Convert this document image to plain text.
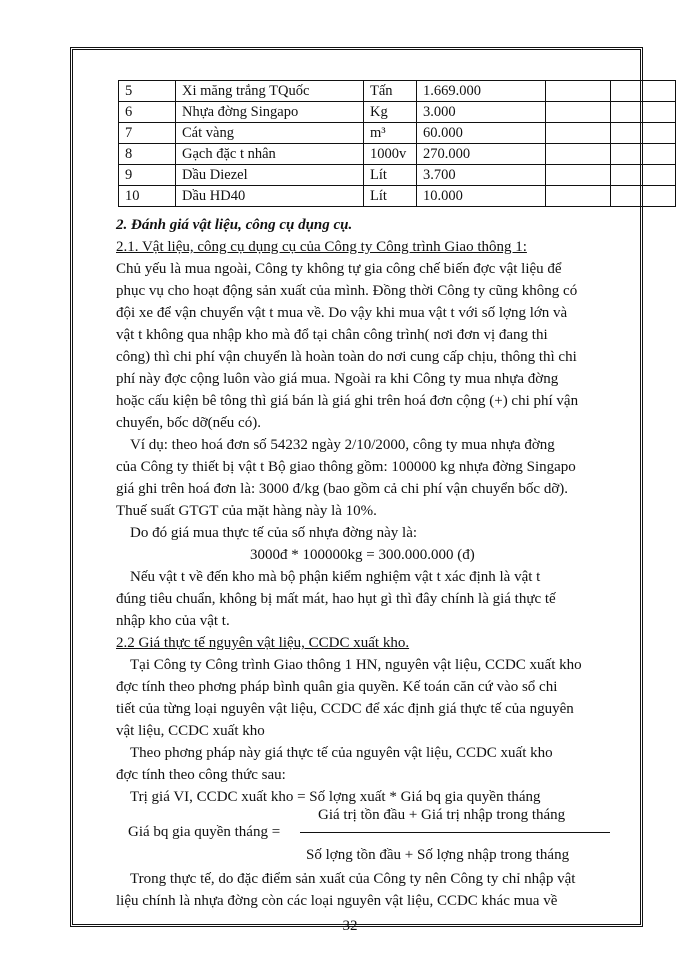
5	Xi măng trắng TQuốc	Tấn	1.669.000		
6	Nhựa đờng Singapo	Kg	3.000		
7	Cát vàng	m³	60.000		
8	Gạch đặc t nhân	1000v	270.000		
9	Dầu Diezel	Lít	3.700		
10	Dầu HD40	Lít	10.000		
2. Đánh giá vật liệu, công cụ dụng cụ.
2.1. Vật liệu, công cụ dụng cụ của Công ty Công trình Giao thông 1:
Chủ yếu là mua ngoài, Công ty không tự gia công chế biến đợc vật liệu để
phục vụ cho hoạt động sản xuất của mình. Đồng thời Công ty cũng không có
đội xe để vận chuyển vật t mua về. Do vậy khi mua vật t với số lợng lớn và
vật t không qua nhập kho mà đổ tại chân công trình( nơi đơn vị đang thi
công) thì chi phí vận chuyển là hoàn toàn do nơi cung cấp chịu, thông thì chi
phí này đợc cộng luôn vào giá mua. Ngoài ra khi Công ty mua nhựa đờng
hoặc cấu kiện bê tông thì giá bán là giá ghi trên hoá đơn cộng (+) chi phí vận
chuyển, bốc dỡ(nếu có).
Ví dụ: theo hoá đơn số 54232 ngày 2/10/2000, công ty mua nhựa đờng
của Công ty thiết bị vật t Bộ giao thông gồm: 100000 kg nhựa đờng Singapo
giá ghi trên hoá đơn là: 3000 đ/kg (bao gồm cả chi phí vận chuyển bốc dỡ).
Thuế suất GTGT của mặt hàng này là 10%.
Do đó giá mua thực tế của số nhựa đờng này là:
3000đ * 100000kg = 300.000.000 (đ)
Nếu vật t về đến kho mà bộ phận kiểm nghiệm vật t xác định là vật t
đúng tiêu chuẩn, không bị mất mát, hao hụt gì thì đây chính là giá thực tế
nhập kho của vật t.
2.2 Giá thực tế nguyên vật liệu, CCDC xuất kho.
Tại Công ty Công trình Giao thông 1 HN, nguyên vật liệu, CCDC xuất kho
đợc tính theo phơng pháp bình quân gia quyền. Kế toán căn cứ vào sổ chi
tiết của từng loại nguyên vật liệu, CCDC để xác định giá thực tế của nguyên
vật liệu, CCDC xuất kho
Theo phơng pháp này giá thực tế của nguyên vật liệu, CCDC xuất kho
đợc tính theo công thức sau:
Trị giá VI, CCDC xuất kho = Số lợng xuất * Giá bq gia quyền tháng
Giá trị tồn đầu + Giá trị nhập trong tháng
Giá bq gia quyền tháng =
Số lợng tồn đầu + Số lợng nhập trong tháng
Trong thực tế, do đặc điểm sản xuất của Công ty nên Công ty chỉ nhập vật
liệu chính là nhựa đờng còn các loại nguyên vật liệu, CCDC khác mua về
32
